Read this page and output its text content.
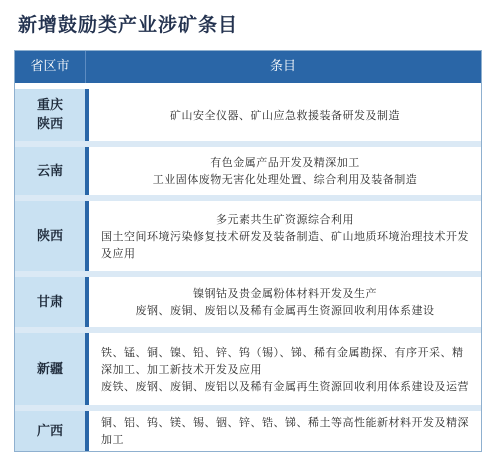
新增鼓励类产业涉矿条目
省区市	条目
重庆
陕西
矿山安全仪器、矿山应急救援装备研发及制造
云南
有色金属产品开发及精深加工
工业固体废物无害化处理处置、综合利用及装备制造
陕西
多元素共生矿资源综合利用
国土空间环境污染修复技术研发及装备制造、矿山地质环境治理技术开发及应用
甘肃
镍钢钴及贵金属粉体材料开发及生产
废钢、废铜、废铝以及稀有金属再生资源回收利用体系建设
新疆
铁、锰、铜、镍、铅、锌、钨（锡）、锑、稀有金属勘探、有序开采、精深加工、加工新技术开发及应用
废铁、废钢、废铜、废铝以及稀有金属再生资源回收利用体系建设及运营
广西
铜、铝、钨、镁、锡、铟、锌、锆、锑、稀土等高性能新材料开发及精深加工
